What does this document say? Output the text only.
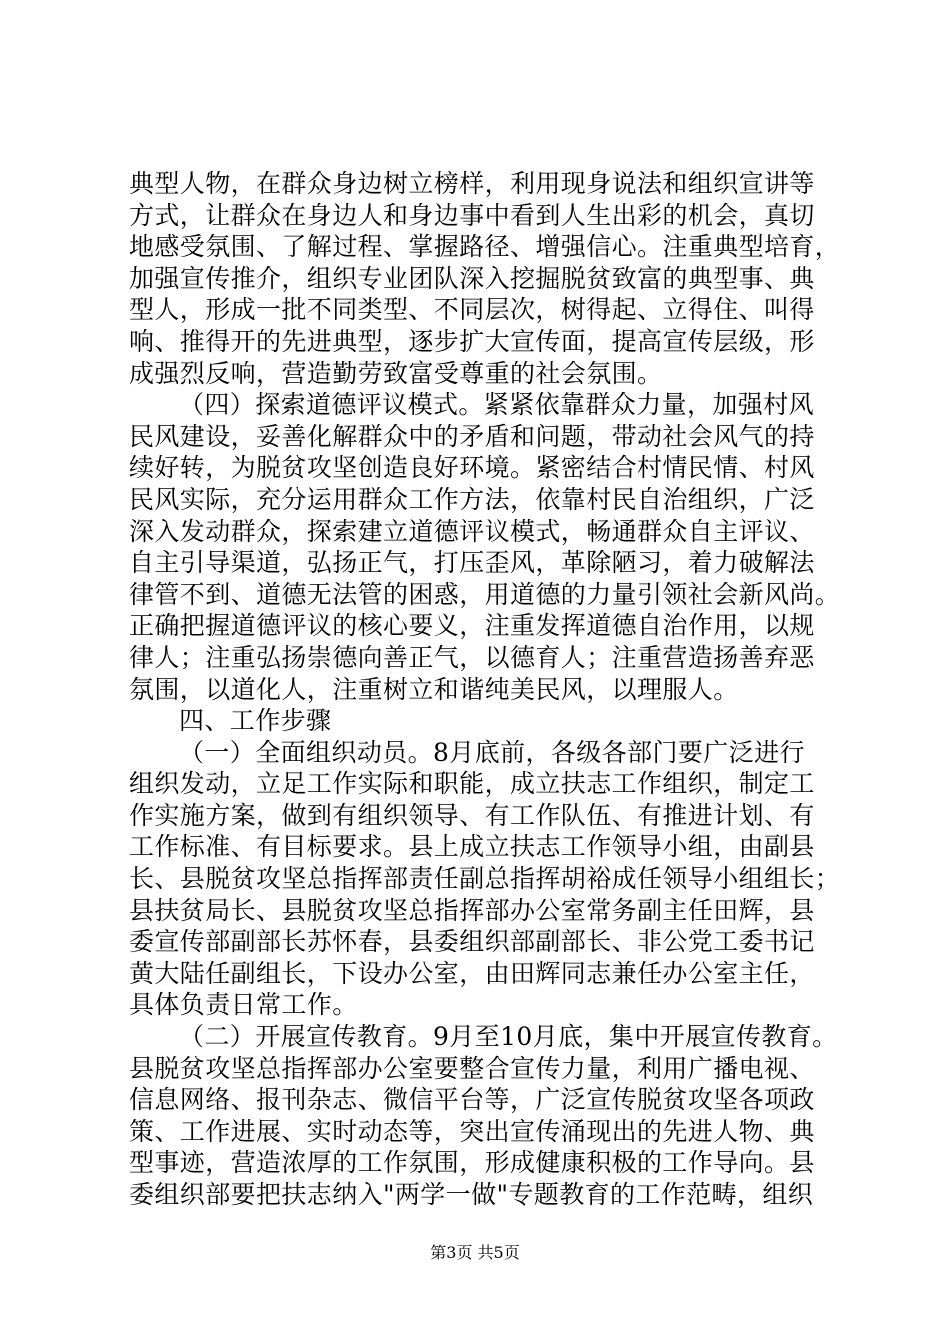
典型人物，在群众身边树立榜样，利用现身说法和组织宣讲等
方式，让群众在身边人和身边事中看到人生出彩的机会，真切
地感受氛围、了解过程、掌握路径、增强信心。注重典型培育，
加强宣传推介，组织专业团队深入挖掘脱贫致富的典型事、典
型人，形成一批不同类型、不同层次，树得起、立得住、叫得
响、推得开的先进典型，逐步扩大宣传面，提高宣传层级，形
成强烈反响，营造勤劳致富受尊重的社会氛围。
（四）探索道德评议模式。紧紧依靠群众力量，加强村风
民风建设，妥善化解群众中的矛盾和问题，带动社会风气的持
续好转，为脱贫攻坚创造良好环境。紧密结合村情民情、村风
民风实际，充分运用群众工作方法，依靠村民自治组织，广泛
深入发动群众，探索建立道德评议模式，畅通群众自主评议、
自主引导渠道，弘扬正气，打压歪风，革除陋习，着力破解法
律管不到、道德无法管的困惑，用道德的力量引领社会新风尚。
正确把握道德评议的核心要义，注重发挥道德自治作用，以规
律人；注重弘扬崇德向善正气，以德育人；注重营造扬善弃恶
氛围，以道化人，注重树立和谐纯美民风，以理服人。
四、工作步骤
（一）全面组织动员。8月底前，各级各部门要广泛进行
组织发动，立足工作实际和职能，成立扶志工作组织，制定工
作实施方案，做到有组织领导、有工作队伍、有推进计划、有
工作标准、有目标要求。县上成立扶志工作领导小组，由副县
长、县脱贫攻坚总指挥部责任副总指挥胡裕成任领导小组组长；
县扶贫局长、县脱贫攻坚总指挥部办公室常务副主任田辉，县
委宣传部副部长苏怀春，县委组织部副部长、非公党工委书记
黄大陆任副组长，下设办公室，由田辉同志兼任办公室主任，
具体负责日常工作。
（二）开展宣传教育。9月至10月底，集中开展宣传教育。
县脱贫攻坚总指挥部办公室要整合宣传力量，利用广播电视、
信息网络、报刊杂志、微信平台等，广泛宣传脱贫攻坚各项政
策、工作进展、实时动态等，突出宣传涌现出的先进人物、典
型事迹，营造浓厚的工作氛围，形成健康积极的工作导向。县
委组织部要把扶志纳入"两学一做"专题教育的工作范畴，组织
第3页 共5页
